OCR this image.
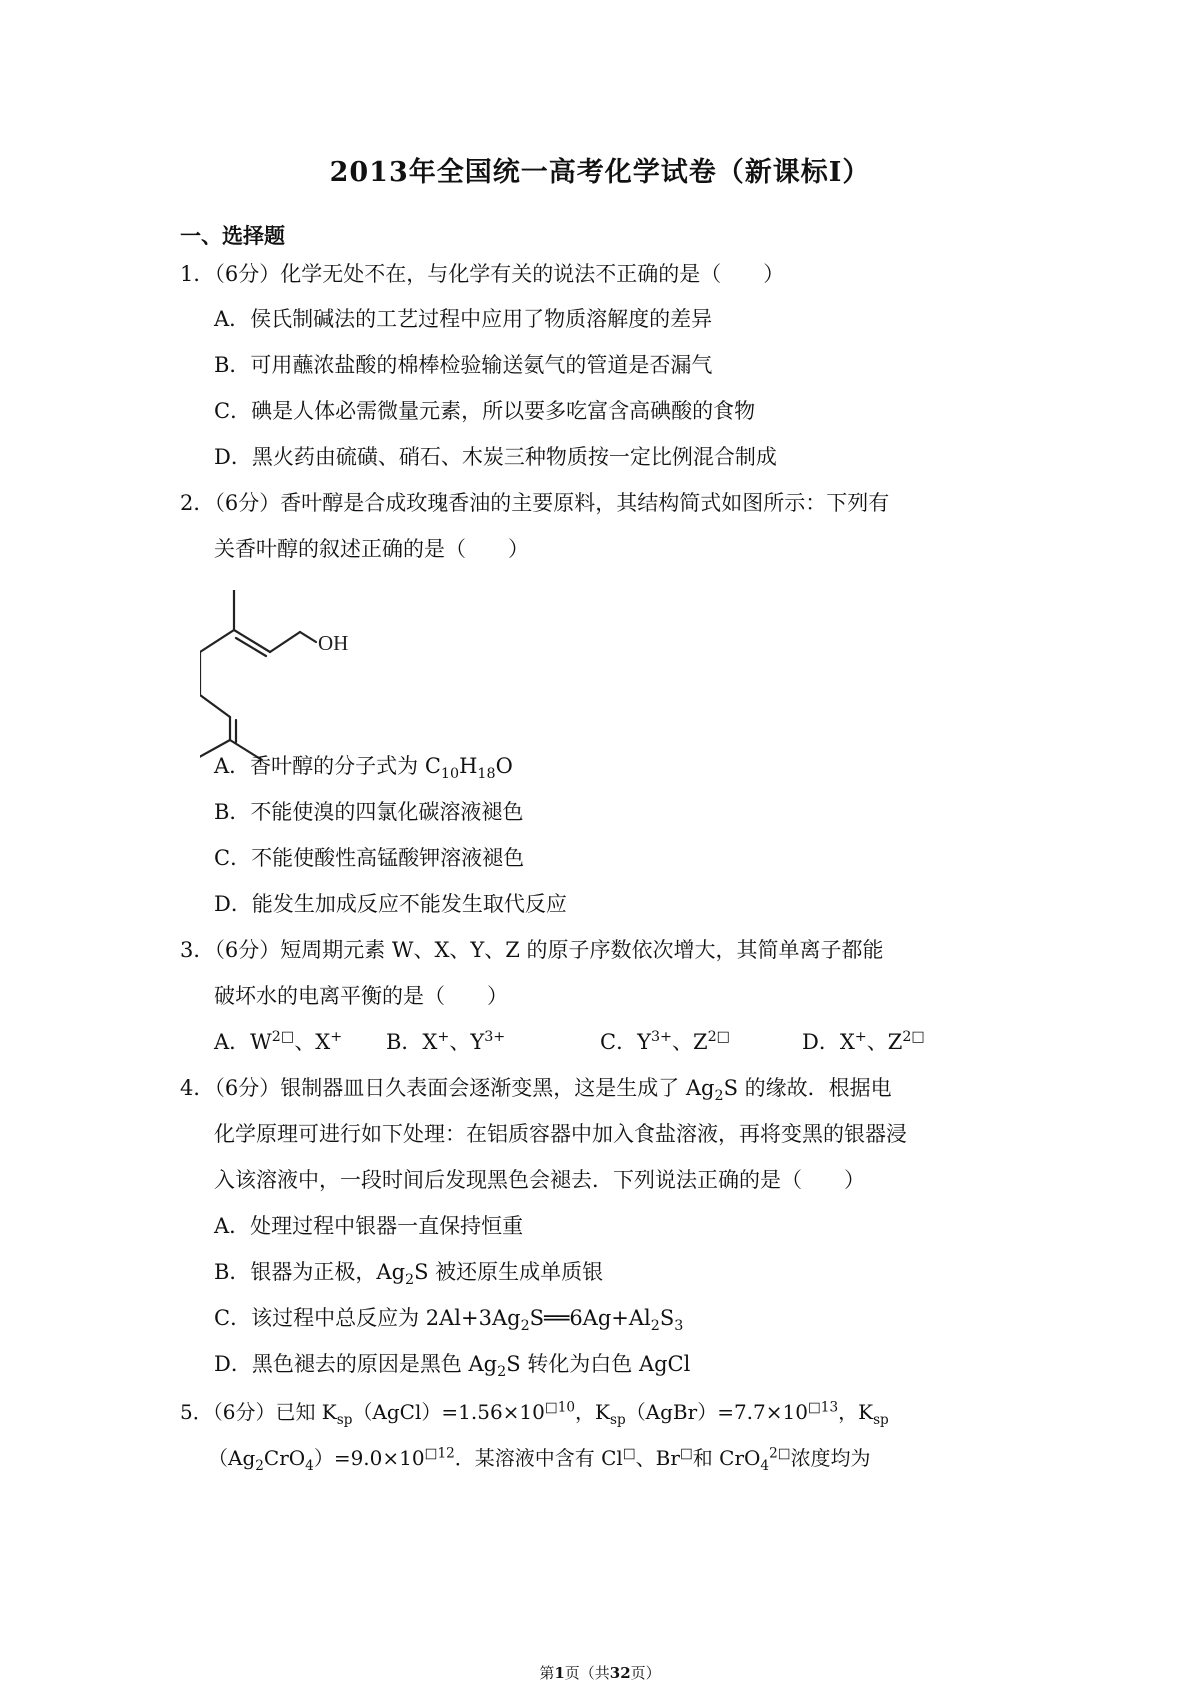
2013年全国统一高考化学试卷（新课标I）
一、选择题
1．（6分）化学无处不在，与化学有关的说法不正确的是（　　）
A．侯氏制碱法的工艺过程中应用了物质溶解度的差异
B．可用蘸浓盐酸的棉棒检验输送氨气的管道是否漏气
C．碘是人体必需微量元素，所以要多吃富含高碘酸的食物
D．黑火药由硫磺、硝石、木炭三种物质按一定比例混合制成
2．（6分）香叶醇是合成玫瑰香油的主要原料，其结构简式如图所示：下列有
关香叶醇的叙述正确的是（　　）
OH
A．香叶醇的分子式为 $C_{10}H_{18}O$
B．不能使溴的四氯化碳溶液褪色
C．不能使酸性高锰酸钾溶液褪色
D．能发生加成反应不能发生取代反应
3．（6分）短周期元素 W、X、Y、Z 的原子序数依次增大，其简单离子都能
破坏水的电离平衡的是（　　）
A．$W^{2□}$、X+ B．X+、$Y^{3+}$	C．$Y^{3+}$、$Z^{2□}$	D．X+、$Z^{2□}$
4．（6分）银制器皿日久表面会逐渐变黑，这是生成了 $Ag_2S$ 的缘故．根据电
化学原理可进行如下处理：在铝质容器中加入食盐溶液，再将变黑的银器浸
入该溶液中，一段时间后发现黑色会褪去．下列说法正确的是（　　）
A．处理过程中银器一直保持恒重
B．银器为正极，$Ag_2S$ 被还原生成单质银
C．该过程中总反应为 $2Al+3Ag_2S══6Ag+Al_2S_3$
D．黑色褪去的原因是黑色 $Ag_2S$ 转化为白色 AgCl
5．（6分）已知 $K_{sp}(AgCl)=1.56\times 10^{□10}$，$K_{sp}(AgBr)=7.7\times 10^{□13}$，$K_{sp}$
$(Ag_2CrO_4)=9.0\times 10^{□12}$．某溶液中含有 Cl□、Br□和 CrO$_4^{2□}$浓度均为
第1页（共32页）
